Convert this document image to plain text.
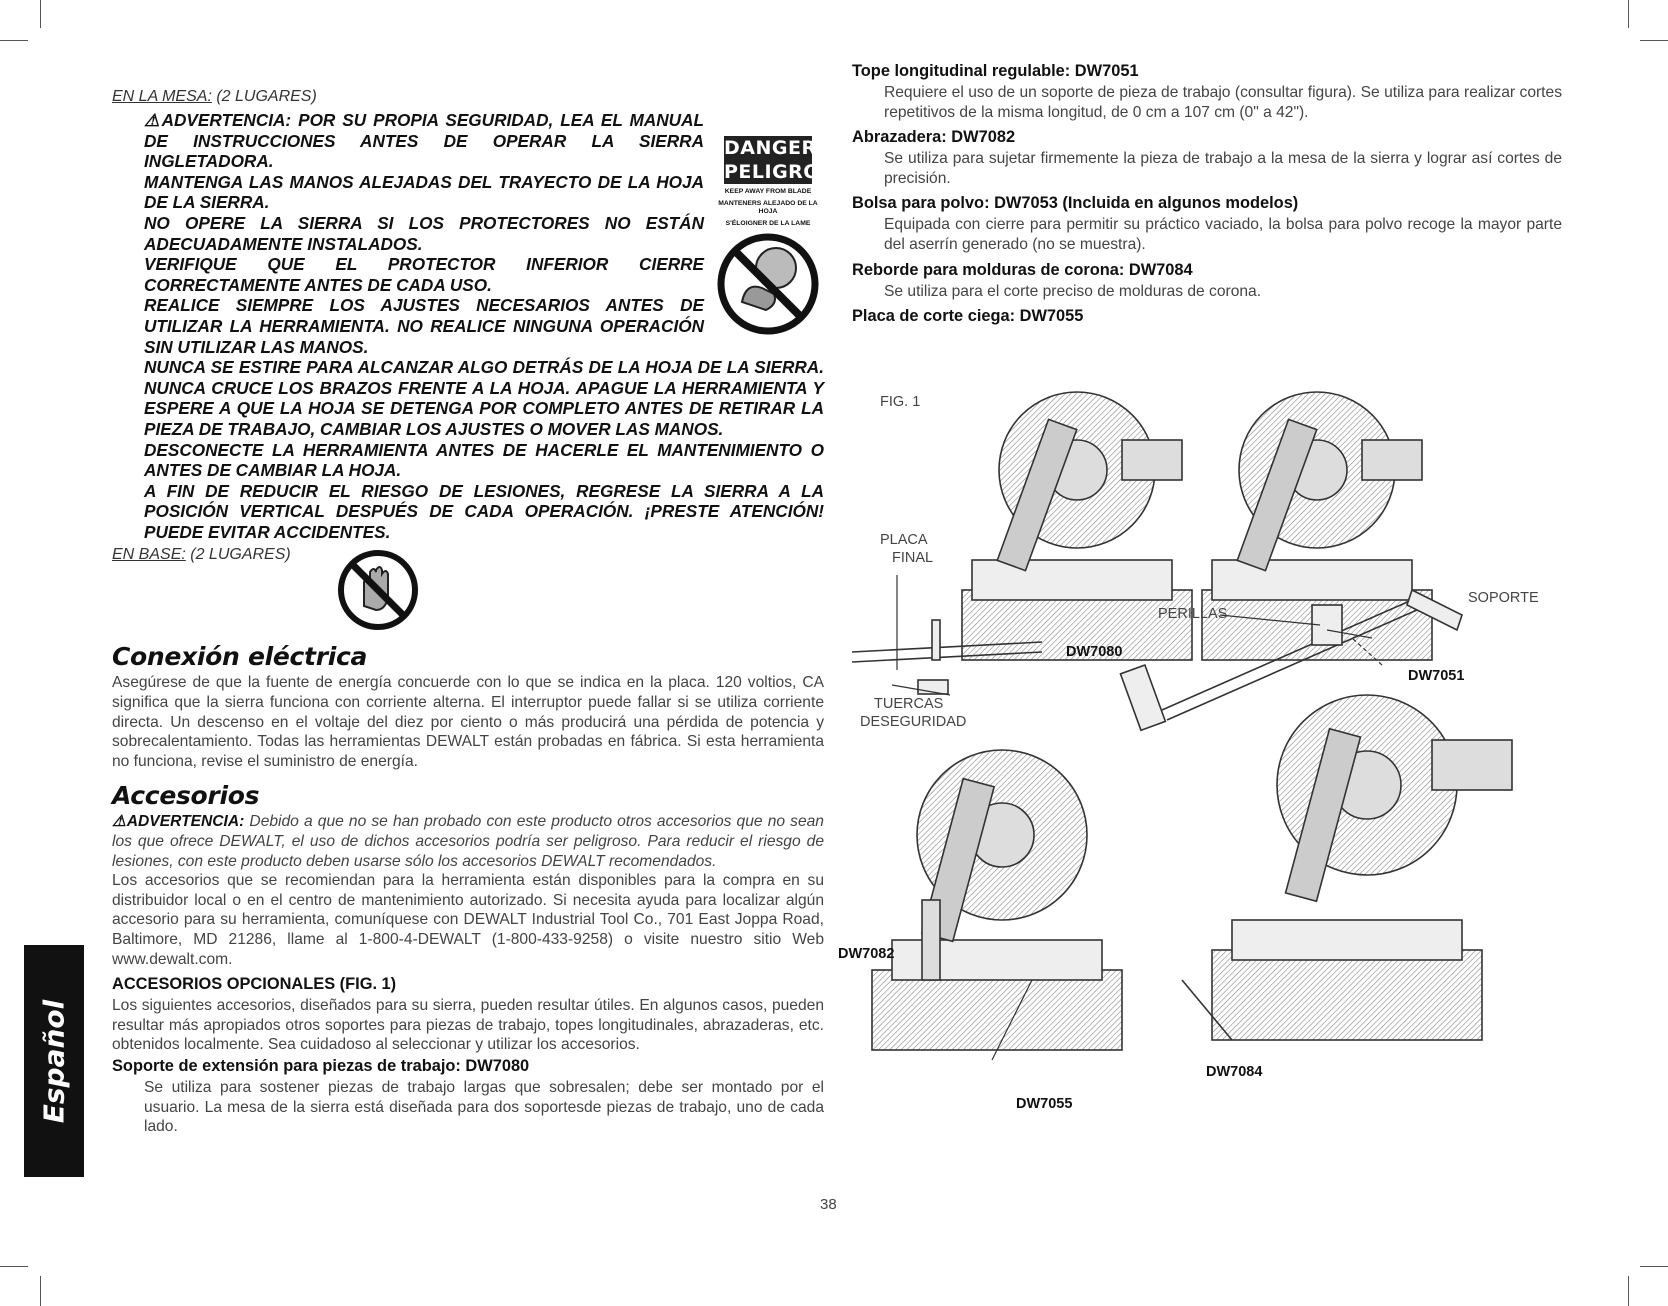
EN LA MESA: (2 LUGARES)
DANGER
PELIGRO
KEEP AWAY FROM BLADE
MANTENERS ALEJADO DE LA HOJA
S'ÉLOIGNER DE LA LAME

⚠ADVERTENCIA: POR SU PROPIA SEGURIDAD, LEA EL MANUAL DE INSTRUCCIONES ANTES DE OPERAR LA SIERRA INGLETADORA.

MANTENGA LAS MANOS ALEJADAS DEL TRAYECTO DE LA HOJA DE LA SIERRA.

NO OPERE LA SIERRA SI LOS PROTECTORES NO ESTÁN ADECUADAMENTE INSTALADOS.

VERIFIQUE QUE EL PROTECTOR INFERIOR CIERRE CORRECTAMENTE ANTES DE CADA USO.

REALICE SIEMPRE LOS AJUSTES NECESARIOS ANTES DE UTILIZAR LA HERRAMIENTA. NO REALICE NINGUNA OPERACIÓN SIN UTILIZAR LAS MANOS.

NUNCA SE ESTIRE PARA ALCANZAR ALGO DETRÁS DE LA HOJA DE LA SIERRA. NUNCA CRUCE LOS BRAZOS FRENTE A LA HOJA. APAGUE LA HERRAMIENTA Y ESPERE A QUE LA HOJA SE DETENGA POR COMPLETO ANTES DE RETIRAR LA PIEZA DE TRABAJO, CAMBIAR LOS AJUSTES O MOVER LAS MANOS.

DESCONECTE LA HERRAMIENTA ANTES DE HACERLE EL MANTENIMIENTO O ANTES DE CAMBIAR LA HOJA.

A FIN DE REDUCIR EL RIESGO DE LESIONES, REGRESE LA SIERRA A LA POSICIÓN VERTICAL DESPUÉS DE CADA OPERACIÓN. ¡PRESTE ATENCIÓN! PUEDE EVITAR ACCIDENTES.

EN BASE: (2 LUGARES)
Conexión eléctrica

Asegúrese de que la fuente de energía concuerde con lo que se indica en la placa. 120 voltios, CA significa que la sierra funciona con corriente alterna. El interruptor puede fallar si se utiliza corriente directa. Un descenso en el voltaje del diez por ciento o más producirá una pérdida de potencia y sobrecalentamiento. Todas las herramientas DEWALT están probadas en fábrica. Si esta herramienta no funciona, revise el suministro de energía.

Accesorios

⚠ADVERTENCIA: Debido a que no se han probado con este producto otros accesorios que no sean los que ofrece DEWALT, el uso de dichos accesorios podría ser peligroso. Para reducir el riesgo de lesiones, con este producto deben usarse sólo los accesorios DEWALT recomendados.

Los accesorios que se recomiendan para la herramienta están disponibles para la compra en su distribuidor local o en el centro de mantenimiento autorizado. Si necesita ayuda para localizar algún accesorio para su herramienta, comuníquese con DEWALT Industrial Tool Co., 701 East Joppa Road, Baltimore, MD 21286, llame al 1-800-4-DEWALT (1-800-433-9258) o visite nuestro sitio Web www.dewalt.com.

ACCESORIOS OPCIONALES (FIG. 1)

Los siguientes accesorios, diseñados para su sierra, pueden resultar útiles. En algunos casos, pueden resultar más apropiados otros soportes para piezas de trabajo, topes longitudinales, abrazaderas, etc. obtenidos localmente. Sea cuidadoso al seleccionar y utilizar los accesorios.

Soporte de extensión para piezas de trabajo: DW7080

Se utiliza para sostener piezas de trabajo largas que sobresalen; debe ser montado por el usuario. La mesa de la sierra está diseñada para dos soportesde piezas de trabajo, uno de cada lado.

Tope longitudinal regulable: DW7051

Requiere el uso de un soporte de pieza de trabajo (consultar figura). Se utiliza para realizar cortes repetitivos de la misma longitud, de 0 cm a 107 cm (0" a 42").

Abrazadera: DW7082

Se utiliza para sujetar firmemente la pieza de trabajo a la mesa de la sierra y lograr así cortes de precisión.

Bolsa para polvo: DW7053 (Incluida en algunos modelos)

Equipada con cierre para permitir su práctico vaciado, la bolsa para polvo recoge la mayor parte del aserrín generado (no se muestra).

Reborde para molduras de corona: DW7084

Se utiliza para el corte preciso de molduras de corona.

Placa de corte ciega: DW7055
FIG. 1
PLACA
FINAL
TUERCAS
DESEGURIDAD
DW7080
PERILLAS
SOPORTE
DW7051
DW7082
DW7055
DW7084
Español
38
